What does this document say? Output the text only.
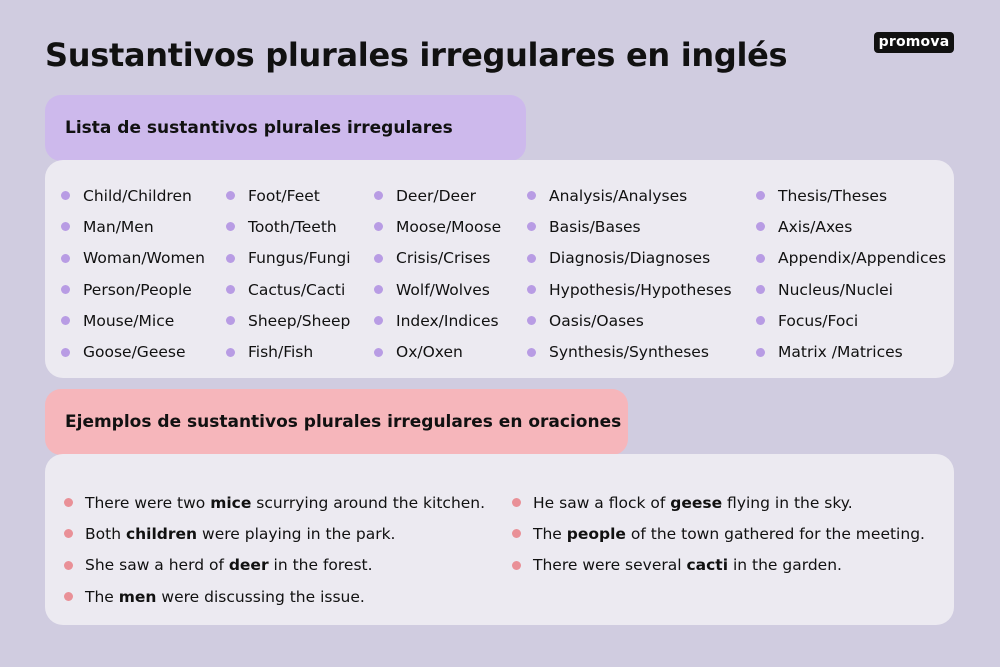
Sustantivos plurales irregulares en inglés	promova
Lista de sustantivos plurales irregulares
Child/Children
Man/Men
Woman/Women
Person/People
Mouse/Mice
Goose/Geese
Foot/Feet
Tooth/Teeth
Fungus/Fungi
Cactus/Cacti
Sheep/Sheep
Fish/Fish
Deer/Deer
Moose/Moose
Crisis/Crises
Wolf/Wolves
Index/Indices
Ox/Oxen
Analysis/Analyses
Basis/Bases
Diagnosis/Diagnoses
Hypothesis/Hypotheses
Oasis/Oases
Synthesis/Syntheses
Thesis/Theses
Axis/Axes
Appendix/Appendices
Nucleus/Nuclei
Focus/Foci
Matrix /Matrices
Ejemplos de sustantivos plurales irregulares en oraciones
There were two mice scurrying around the kitchen.
Both children were playing in the park.
She saw a herd of deer in the forest.
The men were discussing the issue.
He saw a flock of geese flying in the sky.
The people of the town gathered for the meeting.
There were several cacti in the garden.
